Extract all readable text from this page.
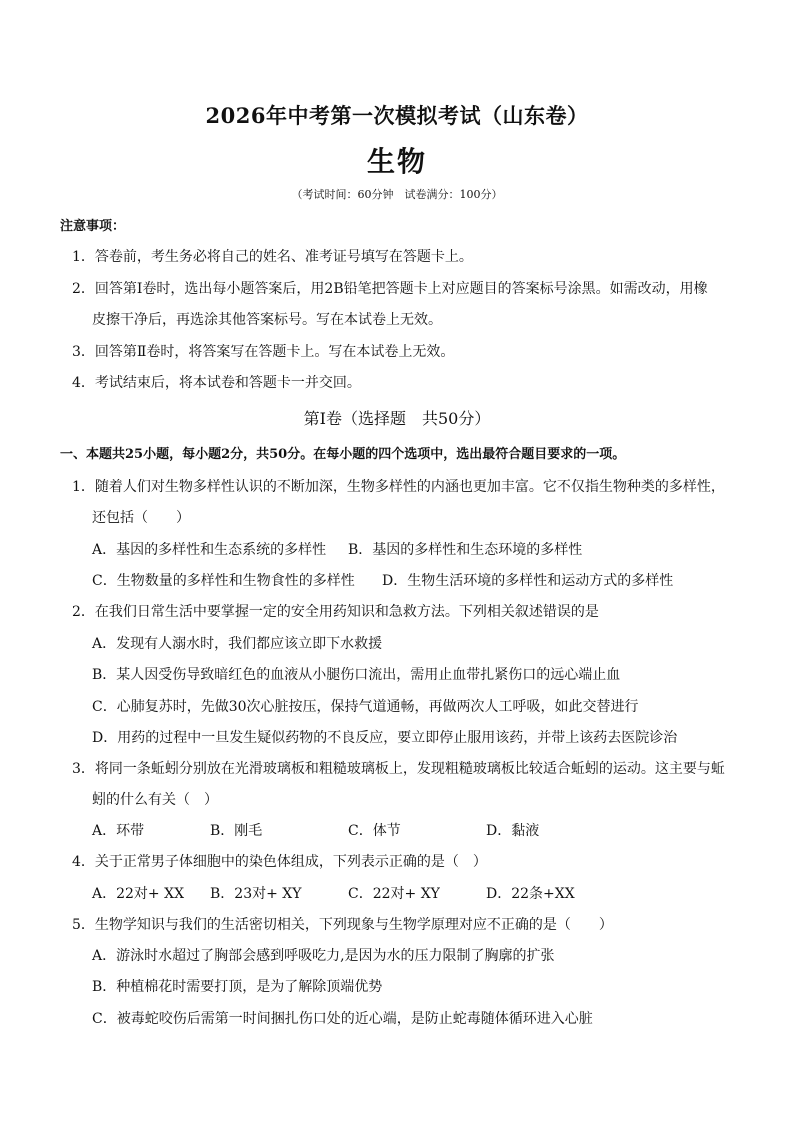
2026年中考第一次模拟考试（山东卷）
生物
（考试时间：60分钟　试卷满分：100分）
注意事项：
1．答卷前，考生务必将自己的姓名、准考证号填写在答题卡上。
2．回答第Ⅰ卷时，选出每小题答案后，用2B铅笔把答题卡上对应题目的答案标号涂黑。如需改动，用橡
皮擦干净后，再选涂其他答案标号。写在本试卷上无效。
3．回答第Ⅱ卷时，将答案写在答题卡上。写在本试卷上无效。
4．考试结束后，将本试卷和答题卡一并交回。
第Ⅰ卷（选择题　共50分）
一、本题共25小题，每小题2分，共50分。在每小题的四个选项中，选出最符合题目要求的一项。
1．随着人们对生物多样性认识的不断加深，生物多样性的内涵也更加丰富。它不仅指生物种类的多样性，
还包括（　　）
A．基因的多样性和生态系统的多样性 B．基因的多样性和生态环境的多样性
C．生物数量的多样性和生物食性的多样性 D．生物生活环境的多样性和运动方式的多样性
2．在我们日常生活中要掌握一定的安全用药知识和急救方法。下列相关叙述错误的是
A．发现有人溺水时，我们都应该立即下水救援
B．某人因受伤导致暗红色的血液从小腿伤口流出，需用止血带扎紧伤口的远心端止血
C．心肺复苏时，先做30次心脏按压，保持气道通畅，再做两次人工呼吸，如此交替进行
D．用药的过程中一旦发生疑似药物的不良反应，要立即停止服用该药，并带上该药去医院诊治
3．将同一条蚯蚓分别放在光滑玻璃板和粗糙玻璃板上，发现粗糙玻璃板比较适合蚯蚓的运动。这主要与蚯
蚓的什么有关（　）
A．环带	B．刚毛	C．体节	D．黏液
4．关于正常男子体细胞中的染色体组成，下列表示正确的是（　）
A．22对+ XX B．23对+ XY	C．22对+ XY	D．22条+XX
5．生物学知识与我们的生活密切相关，下列现象与生物学原理对应不正确的是（　　）
A．游泳时水超过了胸部会感到呼吸吃力,是因为水的压力限制了胸廓的扩张
B．种植棉花时需要打顶，是为了解除顶端优势
C．被毒蛇咬伤后需第一时间捆扎伤口处的近心端，是防止蛇毒随体循环进入心脏
